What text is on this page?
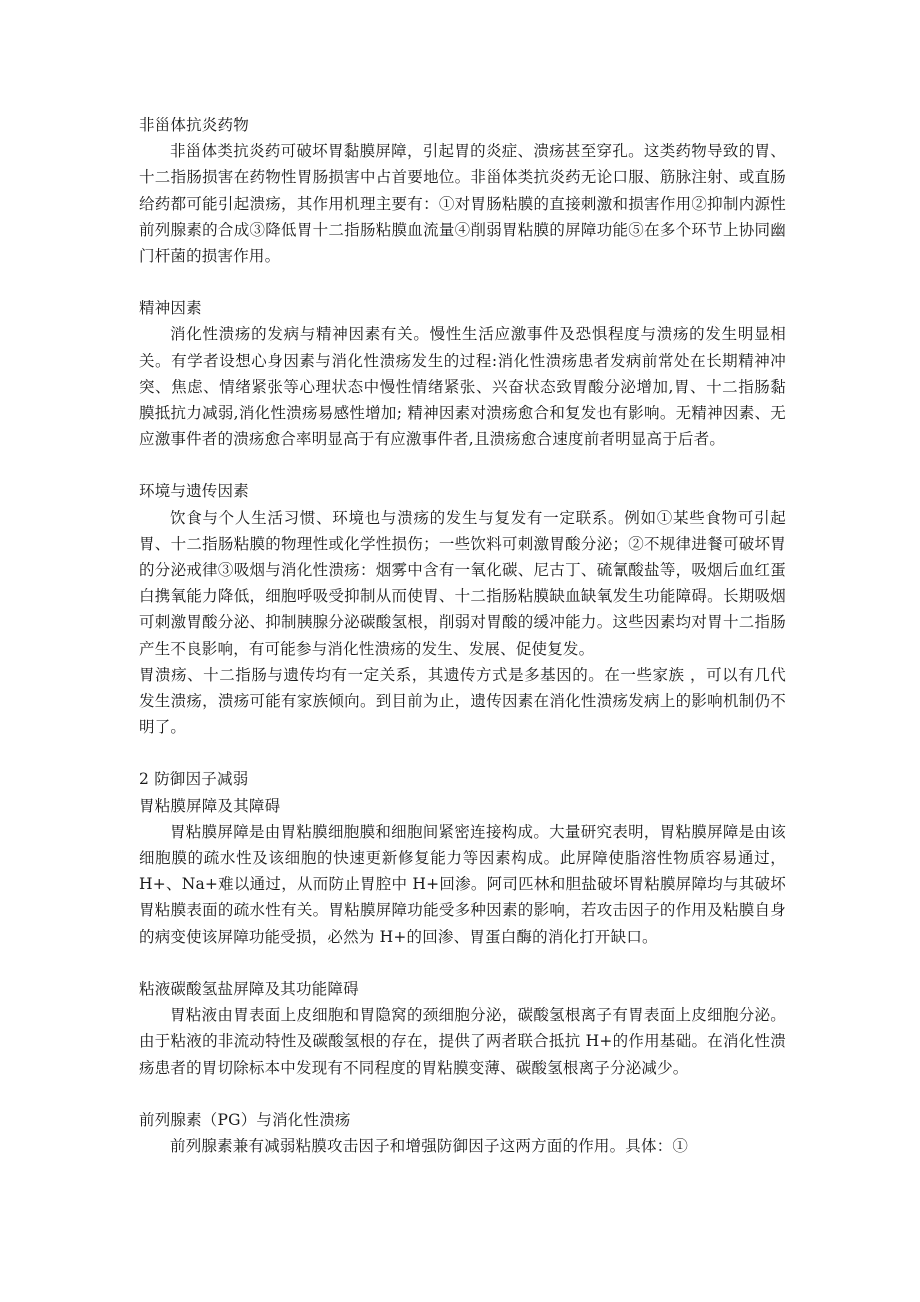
非甾体抗炎药物
非甾体类抗炎药可破坏胃黏膜屏障，引起胃的炎症、溃疡甚至穿孔。这类药物导致的胃、十二指肠损害在药物性胃肠损害中占首要地位。非甾体类抗炎药无论口服、筋脉注射、或直肠给药都可能引起溃疡，其作用机理主要有：①对胃肠粘膜的直接刺激和损害作用②抑制内源性前列腺素的合成③降低胃十二指肠粘膜血流量④削弱胃粘膜的屏障功能⑤在多个环节上协同幽门杆菌的损害作用。
精神因素
消化性溃疡的发病与精神因素有关。慢性生活应激事件及恐惧程度与溃疡的发生明显相关。有学者设想心身因素与消化性溃疡发生的过程:消化性溃疡患者发病前常处在长期精神冲突、焦虑、情绪紧张等心理状态中慢性情绪紧张、兴奋状态致胃酸分泌增加,胃、十二指肠黏膜抵抗力减弱,消化性溃疡易感性增加; 精神因素对溃疡愈合和复发也有影响。无精神因素、无应激事件者的溃疡愈合率明显高于有应激事件者,且溃疡愈合速度前者明显高于后者。
环境与遗传因素
饮食与个人生活习惯、环境也与溃疡的发生与复发有一定联系。例如①某些食物可引起胃、十二指肠粘膜的物理性或化学性损伤；一些饮料可刺激胃酸分泌；②不规律进餐可破坏胃的分泌戒律③吸烟与消化性溃疡：烟雾中含有一氧化碳、尼古丁、硫氰酸盐等，吸烟后血红蛋白携氧能力降低，细胞呼吸受抑制从而使胃、十二指肠粘膜缺血缺氧发生功能障碍。长期吸烟可刺激胃酸分泌、抑制胰腺分泌碳酸氢根，削弱对胃酸的缓冲能力。这些因素均对胃十二指肠产生不良影响，有可能参与消化性溃疡的发生、发展、促使复发。
胃溃疡、十二指肠与遗传均有一定关系，其遗传方式是多基因的。在一些家族 ，可以有几代发生溃疡，溃疡可能有家族倾向。到目前为止，遗传因素在消化性溃疡发病上的影响机制仍不明了。
2 防御因子减弱
胃粘膜屏障及其障碍
胃粘膜屏障是由胃粘膜细胞膜和细胞间紧密连接构成。大量研究表明，胃粘膜屏障是由该细胞膜的疏水性及该细胞的快速更新修复能力等因素构成。此屏障使脂溶性物质容易通过，H+、Na+难以通过，从而防止胃腔中 H+回渗。阿司匹林和胆盐破坏胃粘膜屏障均与其破坏胃粘膜表面的疏水性有关。胃粘膜屏障功能受多种因素的影响，若攻击因子的作用及粘膜自身的病变使该屏障功能受损，必然为 H+的回渗、胃蛋白酶的消化打开缺口。
粘液碳酸氢盐屏障及其功能障碍
胃粘液由胃表面上皮细胞和胃隐窝的颈细胞分泌，碳酸氢根离子有胃表面上皮细胞分泌。由于粘液的非流动特性及碳酸氢根的存在，提供了两者联合抵抗 H+的作用基础。在消化性溃疡患者的胃切除标本中发现有不同程度的胃粘膜变薄、碳酸氢根离子分泌减少。
前列腺素（PG）与消化性溃疡
前列腺素兼有减弱粘膜攻击因子和增强防御因子这两方面的作用。具体：①
